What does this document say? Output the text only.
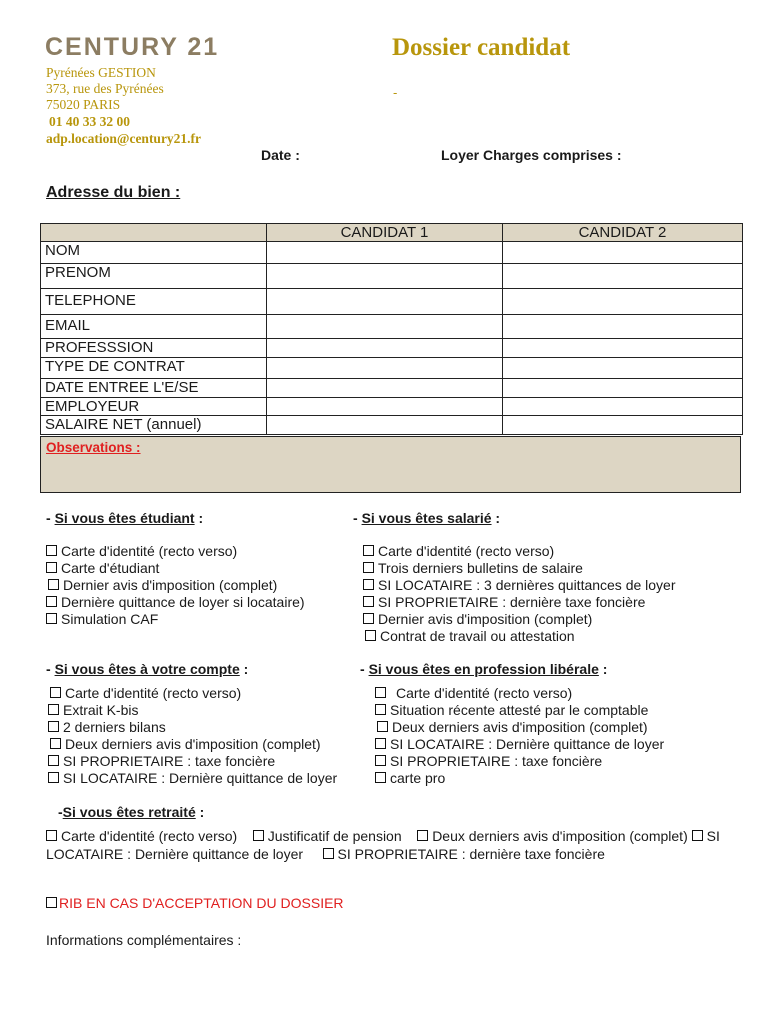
CENTURY 21
Pyrénées GESTION
373, rue des Pyrénées
75020 PARIS
01 40 33 32 00
adp.location@century21.fr
Dossier candidat
-
Date :	Loyer Charges comprises :
Adresse du bien :
	CANDIDAT 1	CANDIDAT 2
NOM		
PRENOM		
TELEPHONE		
EMAIL		
PROFESSSION		
TYPE DE CONTRAT		
DATE ENTREE L'E/SE		
EMPLOYEUR		
SALAIRE NET (annuel)		
Observations :
- Si vous êtes étudiant :
Carte d'identité (recto verso)
Carte d'étudiant
Dernier avis d'imposition (complet)
Dernière quittance de loyer si locataire)
Simulation CAF
- Si vous êtes salarié :
Carte d'identité (recto verso)
Trois derniers bulletins de salaire
SI LOCATAIRE : 3 dernières quittances de loyer
SI PROPRIETAIRE : dernière taxe foncière
Dernier avis d'imposition (complet)
Contrat de travail ou attestation
- Si vous êtes à votre compte :
Carte d'identité (recto verso)
Extrait K-bis
2 derniers bilans
Deux derniers avis d'imposition (complet)
SI PROPRIETAIRE : taxe foncière
SI LOCATAIRE : Dernière quittance de loyer
- Si vous êtes en profession libérale :
Carte d'identité (recto verso)
Situation récente attesté par le comptable
Deux derniers avis d'imposition (complet)
SI LOCATAIRE : Dernière quittance de loyer
SI PROPRIETAIRE : taxe foncière
carte pro
-Si vous êtes retraité :
Carte d'identité (recto verso) Justificatif de pension Deux derniers avis d'imposition (complet) SI LOCATAIRE : Dernière quittance de loyer SI PROPRIETAIRE : dernière taxe foncière
RIB EN CAS D'ACCEPTATION DU DOSSIER
Informations complémentaires :
